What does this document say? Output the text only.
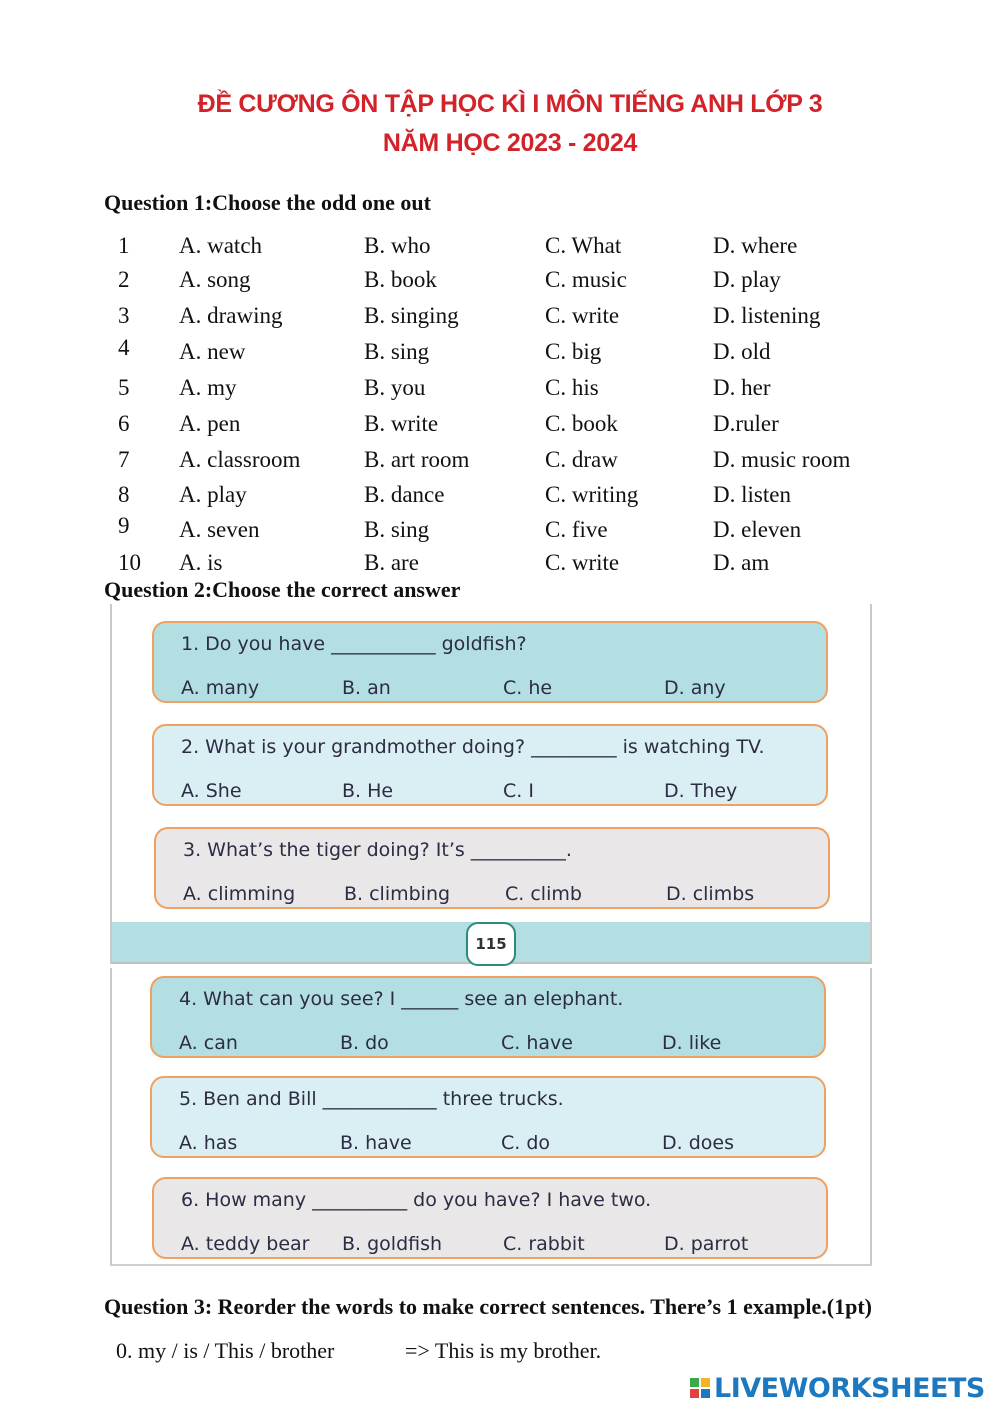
ĐỀ CƯƠNG ÔN TẬP HỌC KÌ I MÔN TIẾNG ANH LỚP 3
NĂM HỌC 2023 - 2024
Question 1:Choose the odd one out
1 A. watch	B. who	C. What	D. where
2 A. song	B. book	C. music	D. play
3 A. drawing	B. singing	C. write	D. listening
4 A. new	B. sing	C. big	D. old
5 A. my	B. you	C. his	D. her
6 A. pen	B. write	C. book	D.ruler
7 A. classroom	B. art room	C. draw	D. music room
8 A. play	B. dance	C. writing	D. listen
9 A. seven	B. sing	C. five	D. eleven
10 A. is	B. are	C. write	D. am
Question 2:Choose the correct answer
1. Do you have ___________ goldfish?
A. many	B. an	C. he	D. any
2. What is your grandmother doing? _________ is watching TV.
A. She	B. He	C. I	D. They
3. What’s the tiger doing? It’s __________.
A. climming	B. climbing	C. climb	D. climbs
115
4. What can you see? I ______ see an elephant.
A. can	B. do	C. have	D. like
5. Ben and Bill ____________ three trucks.
A. has	B. have	C. do	D. does
6. How many __________ do you have? I have two.
A. teddy bear B. goldfish	C. rabbit	D. parrot
Question 3: Reorder the words to make correct sentences. There’s 1 example.(1pt)
0. my / is / This / brother	=> This is my brother.
LIVEWORKSHEETS
